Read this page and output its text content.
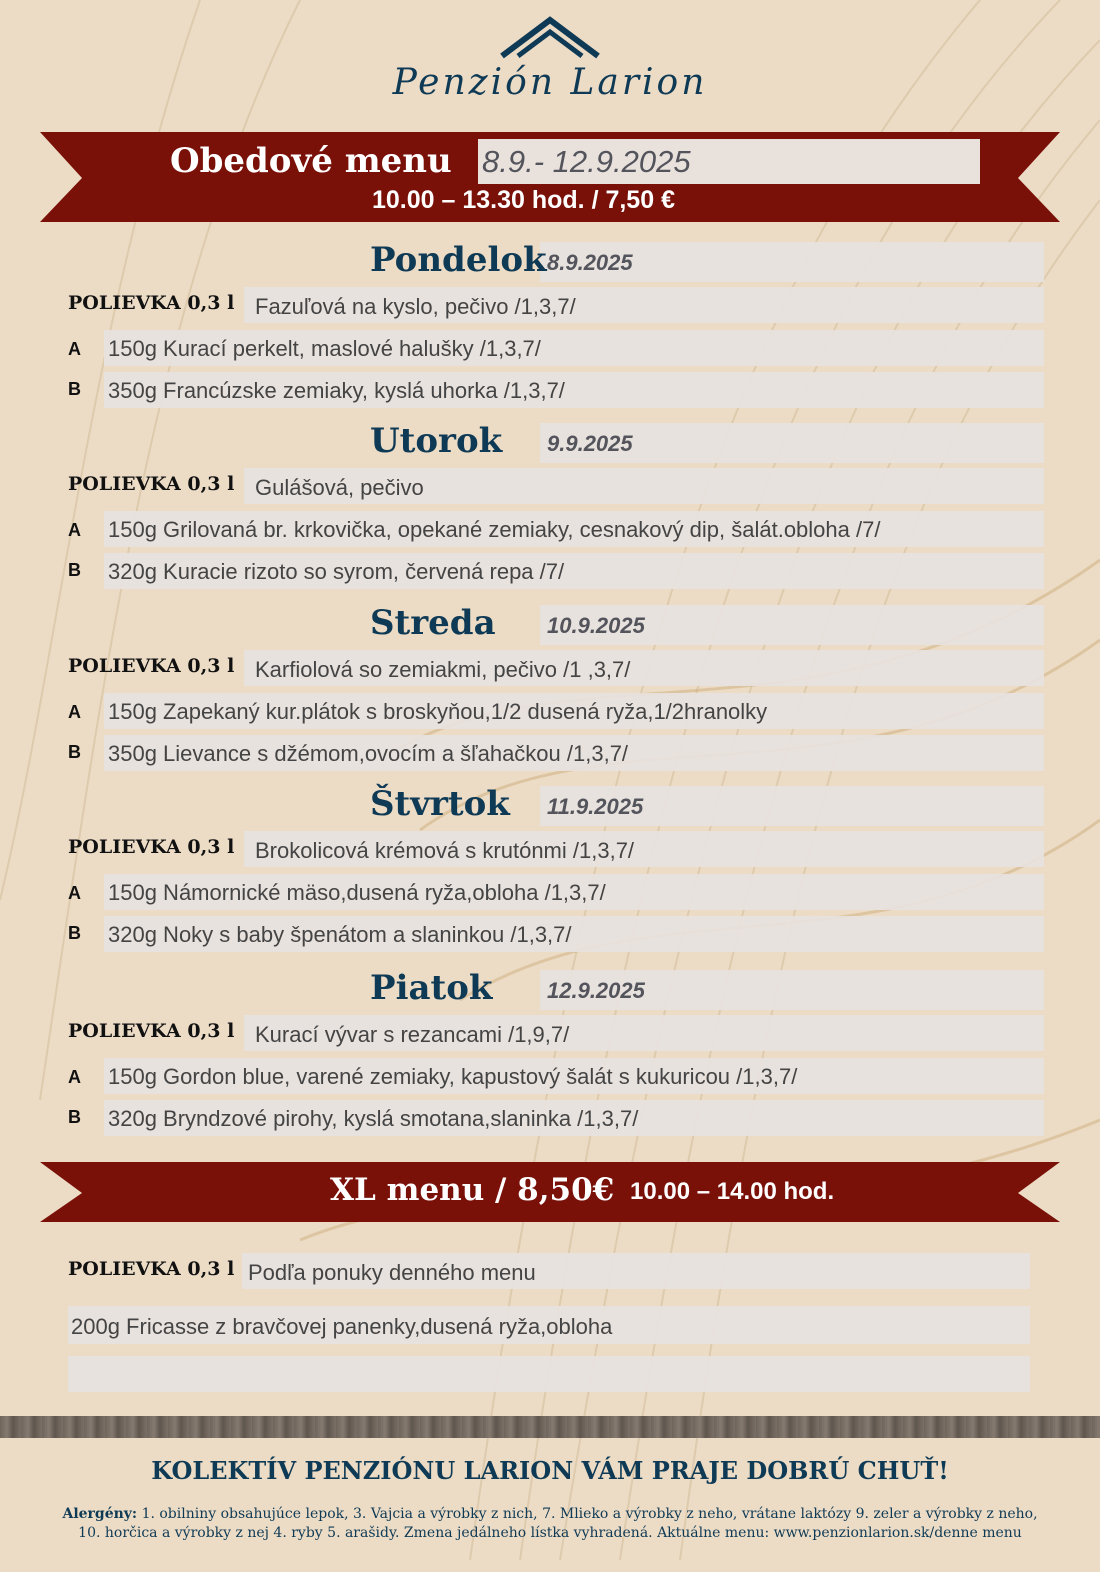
Penzión Larion
Obedové menu 8.9.- 12.9.2025
10.00 – 13.30 hod. / 7,50 €
Pondelok 8.9.2025
POLIEVKA 0,3 l Fazuľová na kyslo, pečivo /1,3,7/
A 150g Kurací perkelt, maslové halušky /1,3,7/
B 350g Francúzske zemiaky, kyslá uhorka /1,3,7/
Utorok 9.9.2025
POLIEVKA 0,3 l Gulášová, pečivo
A 150g Grilovaná br. krkovička, opekané zemiaky, cesnakový dip, šalát.obloha /7/
B 320g Kuracie rizoto so syrom, červená repa /7/
Streda 10.9.2025
POLIEVKA 0,3 l Karfiolová so zemiakmi, pečivo /1 ,3,7/
A 150g Zapekaný kur.plátok s broskyňou,1/2 dusená ryža,1/2hranolky
B 350g Lievance s džémom,ovocím a šľahačkou /1,3,7/
Štvrtok 11.9.2025
POLIEVKA 0,3 l Brokolicová krémová s krutónmi /1,3,7/
A 150g Námornické mäso,dusená ryža,obloha /1,3,7/
B 320g Noky s baby špenátom a slaninkou /1,3,7/
Piatok 12.9.2025
POLIEVKA 0,3 l Kurací vývar s rezancami /1,9,7/
A 150g Gordon blue, varené zemiaky, kapustový šalát s kukuricou /1,3,7/
B 320g Bryndzové pirohy, kyslá smotana,slaninka /1,3,7/
XL menu / 8,50€ 10.00 – 14.00 hod.
POLIEVKA 0,3 l Podľa ponuky denného menu
200g Fricasse z bravčovej panenky,dusená ryža,obloha
KOLEKTÍV PENZIÓNU LARION VÁM PRAJE DOBRÚ CHUŤ!
Alergény: 1. obilniny obsahujúce lepok, 3. Vajcia a výrobky z nich, 7. Mlieko a výrobky z neho, vrátane laktózy 9. zeler a výrobky z neho,
10. horčica a výrobky z nej 4. ryby 5. arašidy. Zmena jedálneho lístka vyhradená. Aktuálne menu: www.penzionlarion.sk/denne menu
